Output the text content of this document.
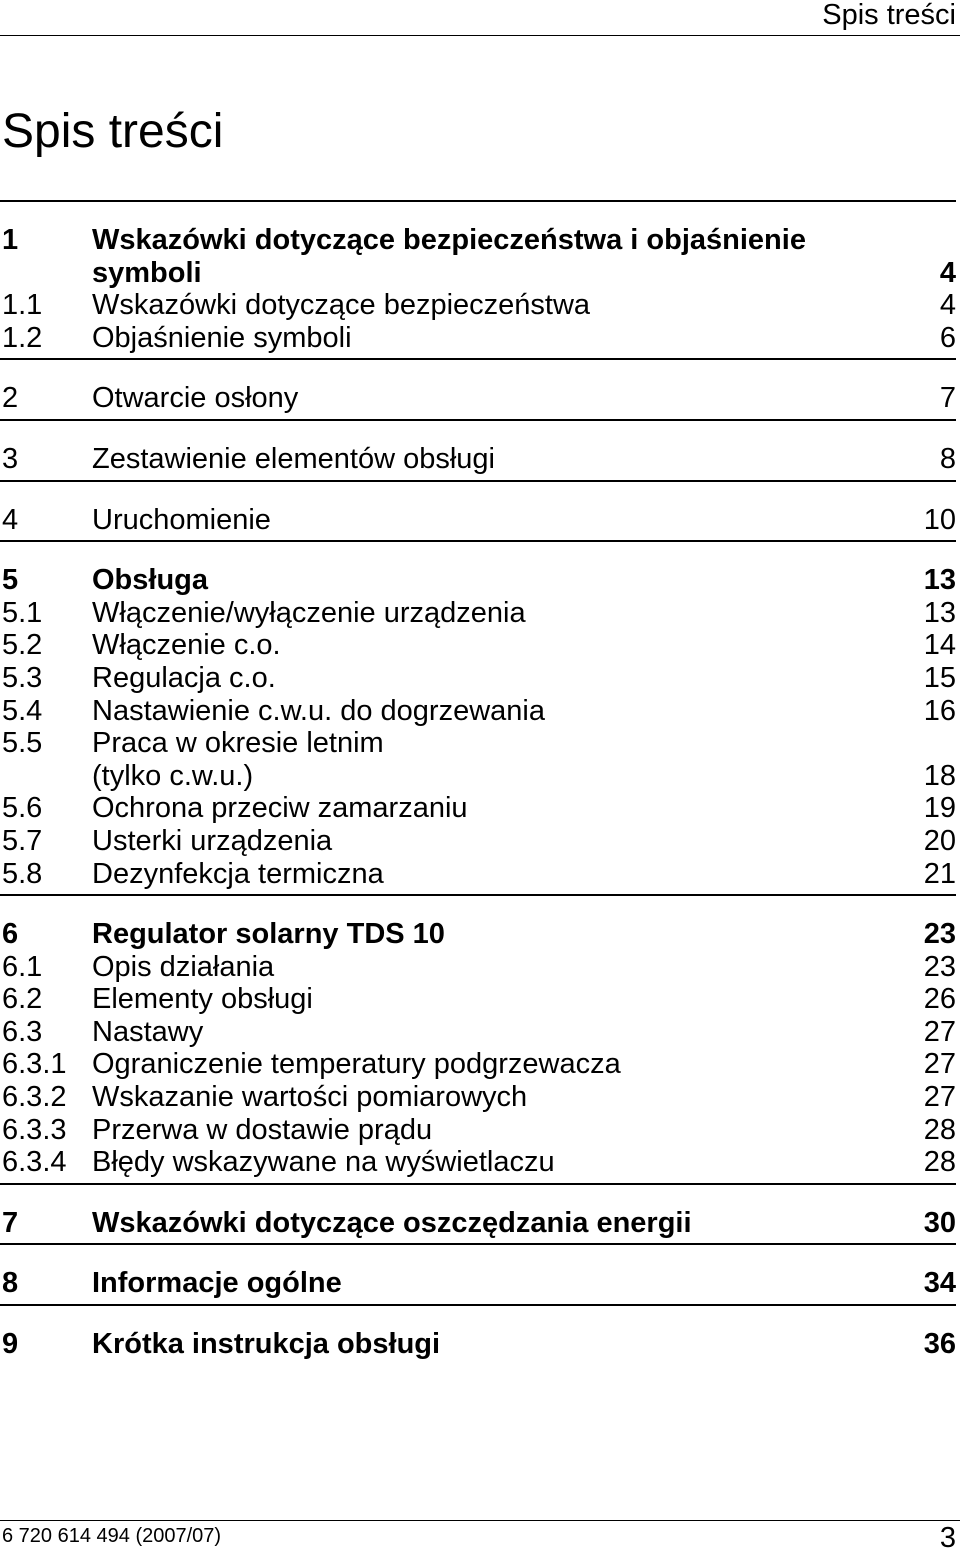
Spis treści
Spis treści
1	Wskazówki dotyczące bezpieczeństwa i objaśnienie
symboli	4
1.1	Wskazówki dotyczące bezpieczeństwa	4
1.2	Objaśnienie symboli	6
2	Otwarcie osłony	7
3	Zestawienie elementów obsługi	8
4	Uruchomienie	10
5	Obsługa	13
5.1	Włączenie/wyłączenie urządzenia	13
5.2	Włączenie c.o.	14
5.3	Regulacja c.o.	15
5.4	Nastawienie c.w.u. do dogrzewania	16
5.5	Praca w okresie letnim
(tylko c.w.u.)	18
5.6	Ochrona przeciw zamarzaniu	19
5.7	Usterki urządzenia	20
5.8	Dezynfekcja termiczna	21
6	Regulator solarny TDS 10	23
6.1	Opis działania	23
6.2	Elementy obsługi	26
6.3	Nastawy	27
6.3.1 Ograniczenie temperatury podgrzewacza	27
6.3.2 Wskazanie wartości pomiarowych	27
6.3.3 Przerwa w dostawie prądu	28
6.3.4 Błędy wskazywane na wyświetlaczu	28
7	Wskazówki dotyczące oszczędzania energii	30
8	Informacje ogólne	34
9	Krótka instrukcja obsługi	36
6 720 614 494 (2007/07)	3
